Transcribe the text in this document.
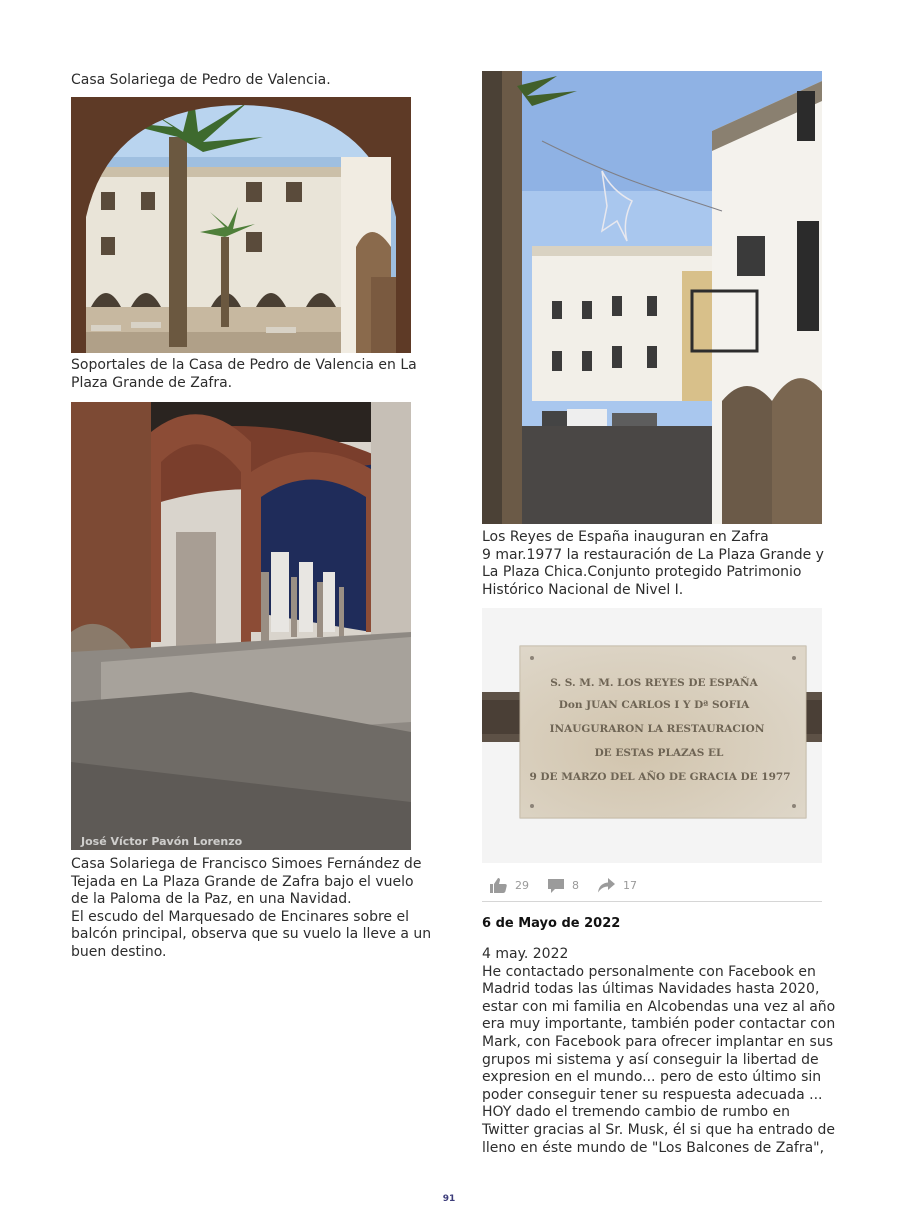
Casa Solariega de Pedro de Valencia.

Soportales de la Casa de Pedro de Valencia en La
Plaza Grande de Zafra.

José Víctor Pavón Lorenzo

Casa Solariega de Francisco Simoes Fernández de
Tejada en La Plaza Grande de Zafra bajo el vuelo
de la Paloma de la Paz, en una Navidad.
El escudo del Marquesado de Encinares sobre el
balcón principal, observa que su vuelo la lleve a un
buen destino.

Los Reyes de España inauguran en Zafra
9 mar.1977 la restauración de La Plaza Grande y
La Plaza Chica.Conjunto protegido Patrimonio
Histórico Nacional de Nivel I.

S. S. M. M. LOS REYES DE ESPAÑA
Don JUAN CARLOS I Y Dª SOFIA
INAUGURARON LA RESTAURACION
DE ESTAS PLAZAS EL
9 DE MARZO DEL AÑO DE GRACIA DE 1977
29	8	17
6 de Mayo de 2022

4 may. 2022
He contactado personalmente con Facebook en
Madrid todas las últimas Navidades hasta 2020,
estar con mi familia en Alcobendas una vez al año
era muy importante, también poder contactar con
Mark, con Facebook para ofrecer implantar en sus
grupos mi sistema y así conseguir la libertad de
expresion en el mundo... pero de esto último sin
poder conseguir tener su respuesta adecuada ...
HOY dado el tremendo cambio de rumbo en
Twitter gracias al Sr. Musk, él si que ha entrado de
lleno en éste mundo de "Los Balcones de Zafra",

91
